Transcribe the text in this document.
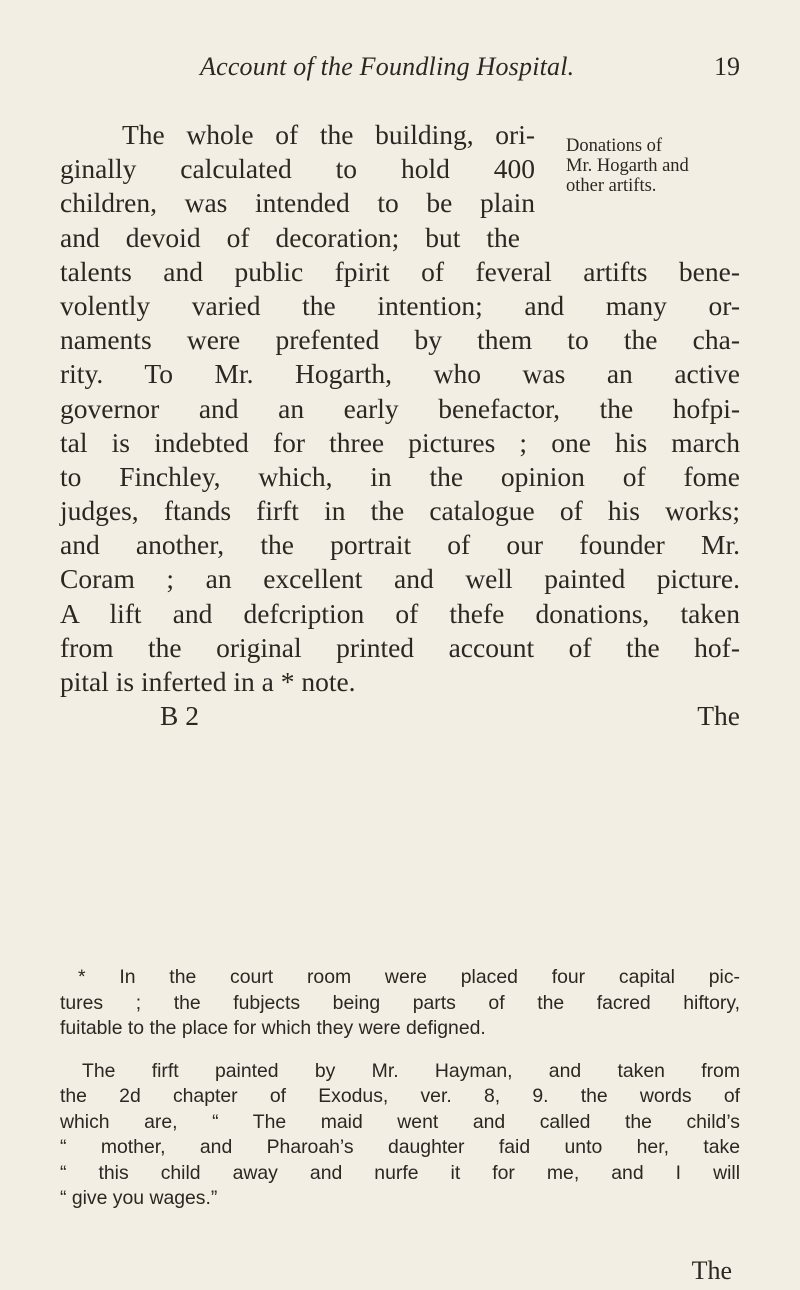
Account of the Foundling Hospital.	19
Donations of
Mr. Hogarth and
other artifts.
The whole of the building, ori-
ginally calculated to hold 400
children, was intended to be plain
and devoid of decoration; but the
talents and public fpirit of feveral artifts bene-
volently varied the intention; and many or-
naments were prefented by them to the cha-
rity. To Mr. Hogarth, who was an active
governor and an early benefactor, the hofpi-
tal is indebted for three pictures ; one his march
to Finchley, which, in the opinion of fome
judges, ftands firft in the catalogue of his works;
and another, the portrait of our founder Mr.
Coram ; an excellent and well painted picture.
A lift and defcription of thefe donations, taken
from the original printed account of the hof-
pital is inferted in a * note.
B 2	The
* In the court room were placed four capital pic-
tures ; the fubjects being parts of the facred hiftory,
fuitable to the place for which they were defigned.
The firft painted by Mr. Hayman, and taken from
the 2d chapter of Exodus, ver. 8, 9. the words of
which are, “ The maid went and called the child’s
“ mother, and Pharoah’s daughter faid unto her, take
“ this child away and nurfe it for me, and I will
“ give you wages.”
The
